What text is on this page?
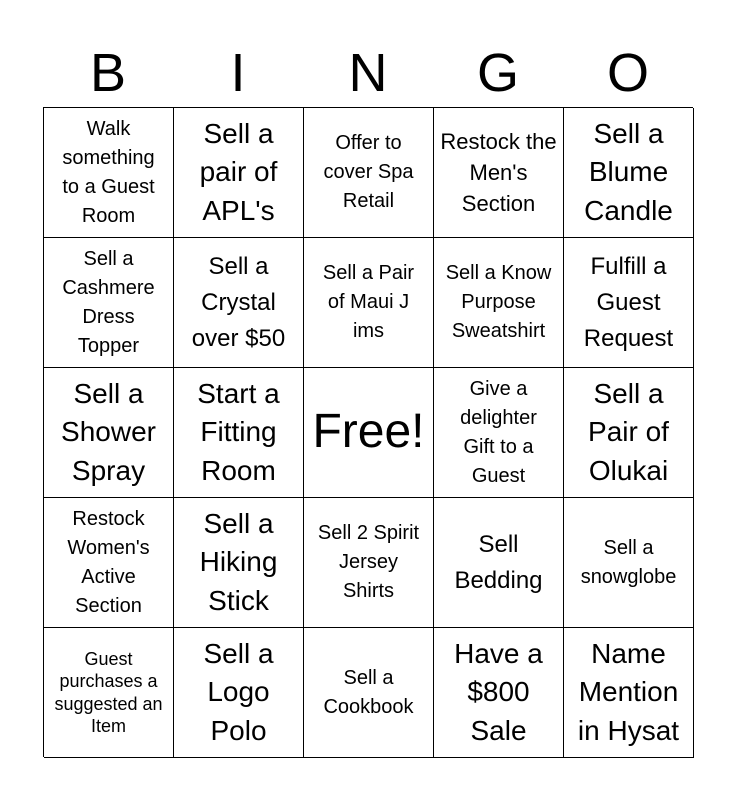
B	I	N	G	O
Walk something to a Guest Room
Sell a pair of APL's
Offer to cover Spa Retail
Restock the Men's Section
Sell a Blume Candle
Sell a Cashmere Dress Topper
Sell a Crystal over $50
Sell a Pair of Maui J ims
Sell a Know Purpose Sweatshirt
Fulfill a Guest Request
Sell a Shower Spray
Start a Fitting Room
Free!
Give a delighter Gift to a Guest
Sell a Pair of Olukai
Restock Women's Active Section
Sell a Hiking Stick
Sell 2 Spirit Jersey Shirts
Sell Bedding
Sell a snowglobe
Guest purchases a suggested an Item
Sell a Logo Polo
Sell a Cookbook
Have a $800 Sale
Name Mention in Hysat
